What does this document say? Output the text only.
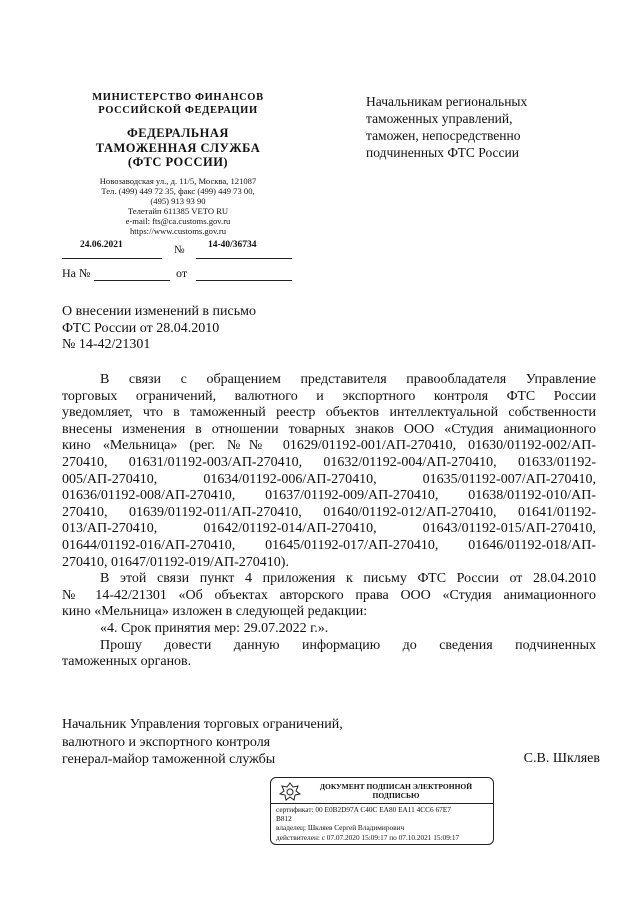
МИНИСТЕРСТВО ФИНАНСОВ
РОССИЙСКОЙ ФЕДЕРАЦИИ
ФЕДЕРАЛЬНАЯ
ТАМОЖЕННАЯ СЛУЖБА
(ФТС РОССИИ)
Новозаводская ул., д. 11/5, Москва, 121087
Тел. (499) 449 72 35, факс (499) 449 73 00,
(495) 913 93 90
Телетайп 611385 VETO RU
e-mail: fts@ca.customs.gov.ru
https://www.customs.gov.ru
24.06.2021	№ 14-40/36734
На №	от
Начальникам региональных
таможенных управлений,
таможен, непосредственно
подчиненных ФТС России
О внесении изменений в письмо
ФТС России от 28.04.2010
№ 14-42/21301
В связи с обращением представителя правообладателя Управление
торговых ограничений, валютного и экспортного контроля ФТС России
уведомляет, что в таможенный реестр объектов интеллектуальной собственности
внесены изменения в отношении товарных знаков ООО «Студия анимационного
кино «Мельница» (рег. №№ 01629/01192-001/АП-270410, 01630/01192-002/АП-
270410, 01631/01192-003/АП-270410, 01632/01192-004/АП-270410, 01633/01192-
005/АП-270410, 01634/01192-006/АП-270410, 01635/01192-007/АП-270410,
01636/01192-008/АП-270410, 01637/01192-009/АП-270410, 01638/01192-010/АП-
270410, 01639/01192-011/АП-270410, 01640/01192-012/АП-270410, 01641/01192-
013/АП-270410, 01642/01192-014/АП-270410, 01643/01192-015/АП-270410,
01644/01192-016/АП-270410, 01645/01192-017/АП-270410, 01646/01192-018/АП-
270410, 01647/01192-019/АП-270410).
В этой связи пункт 4 приложения к письму ФТС России от 28.04.2010
№ 14-42/21301 «Об объектах авторского права ООО «Студия анимационного
кино «Мельница» изложен в следующей редакции:
«4. Срок принятия мер: 29.07.2022 г.».
Прошу довести данную информацию до сведения подчиненных
таможенных органов.
Начальник Управления торговых ограничений,
валютного и экспортного контроля
генерал-майор таможенной службы	С.В. Шкляев
ДОКУМЕНТ ПОДПИСАН ЭЛЕКТРОННОЙ
ПОДПИСЬЮ
сертификат: 00 E0B2D97A C40C EA80 EA11 4CC6 67E7
B812
владелец: Шкляев Сергей Владимирович
действителен: с 07.07.2020 15:09:17 по 07.10.2021 15:09:17
